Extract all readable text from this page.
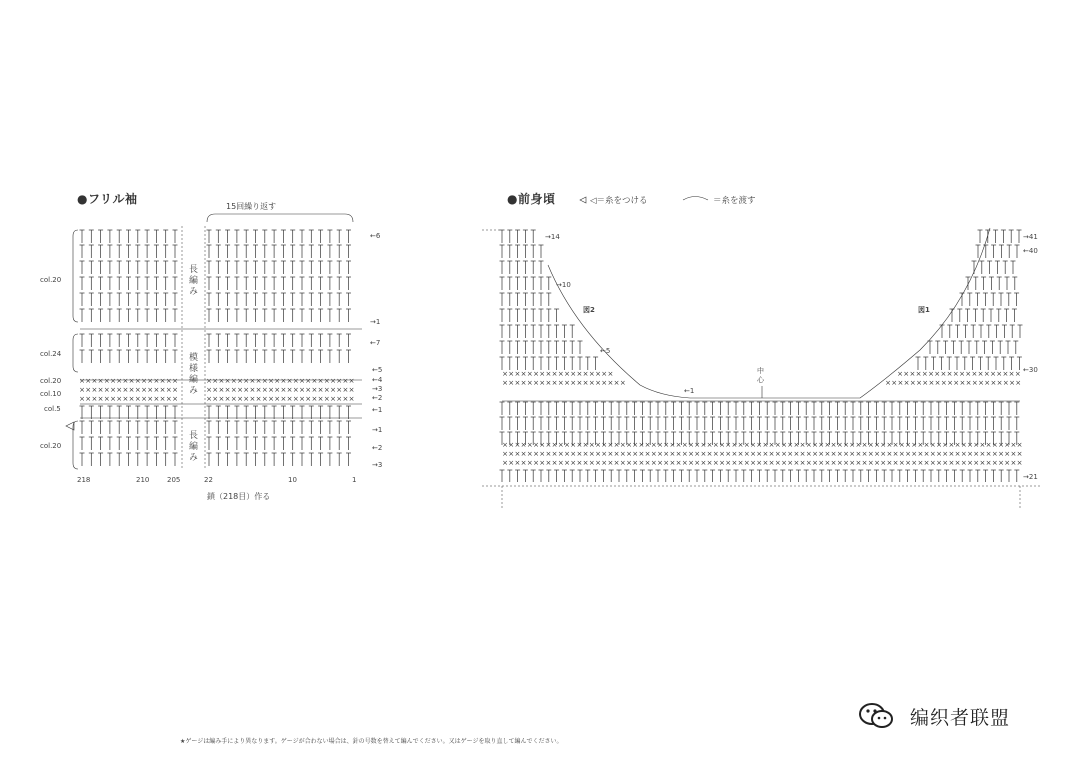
●フリル袖
15回繰り返す
col.20
col.24
col.20
col.10
col.5
col.20
←6
→1
←7
←5
←4
→3
←2
←1
→1
←2
→3
長編み
模様編み
長編み
218	210	205	22	10	1
鎖（218目）作る
●前身頃	◁＝糸をつける	＝糸を渡す
図2	図1
中心
→14
→10
←5
←1
→41
←40
←30
→21
× × × × × × × × × × × × × × × ×	× × × × × × × × × × × × × × × × × × × × × × × ×
× × × × × × × × × × × × × × × ×	× × × × × × × × × × × × × × × × × × × × × × × ×
× × × × × × × × × × × × × × × ×	× × × × × × × × × × × × × × × × × × × × × × × ×
× × × × × × × × × × × × × × × × × × × × × × × × × × × × × × × × × × × × × × × × × × × × × × × × × × × × × × × × × × × × × × × × × × × × × × × × × × × × × × × × × × × ×
× × × × × × × × × × × × × × × × × × × × × × × × × × × × × × × × × × × × × × × × × × × × × × × × × × × × × × × × × × × × × × × × × × × × × × × × × × × × × × × × × × × ×
× × × × × × × × × × × × × × × × × × × × × × × × × × × × × × × × × × × × × × × × × × × × × × × × × × × × × × × × × × × × × × × × × × × × × × × × × × × × × × × × × × × ×
× × × × × × × × × × × × × × × × × ×
× × × × × × × × × × × × × × × × × × × ×
× × × × × × × × × × × × × × × × × × × ×
× × × × × × × × × × × × × × × × × × × × × ×
★ゲージは編み手により異なります。ゲージが合わない場合は、針の号数を替えて編んでください。又はゲージを取り直して編んでください。
编织者联盟
